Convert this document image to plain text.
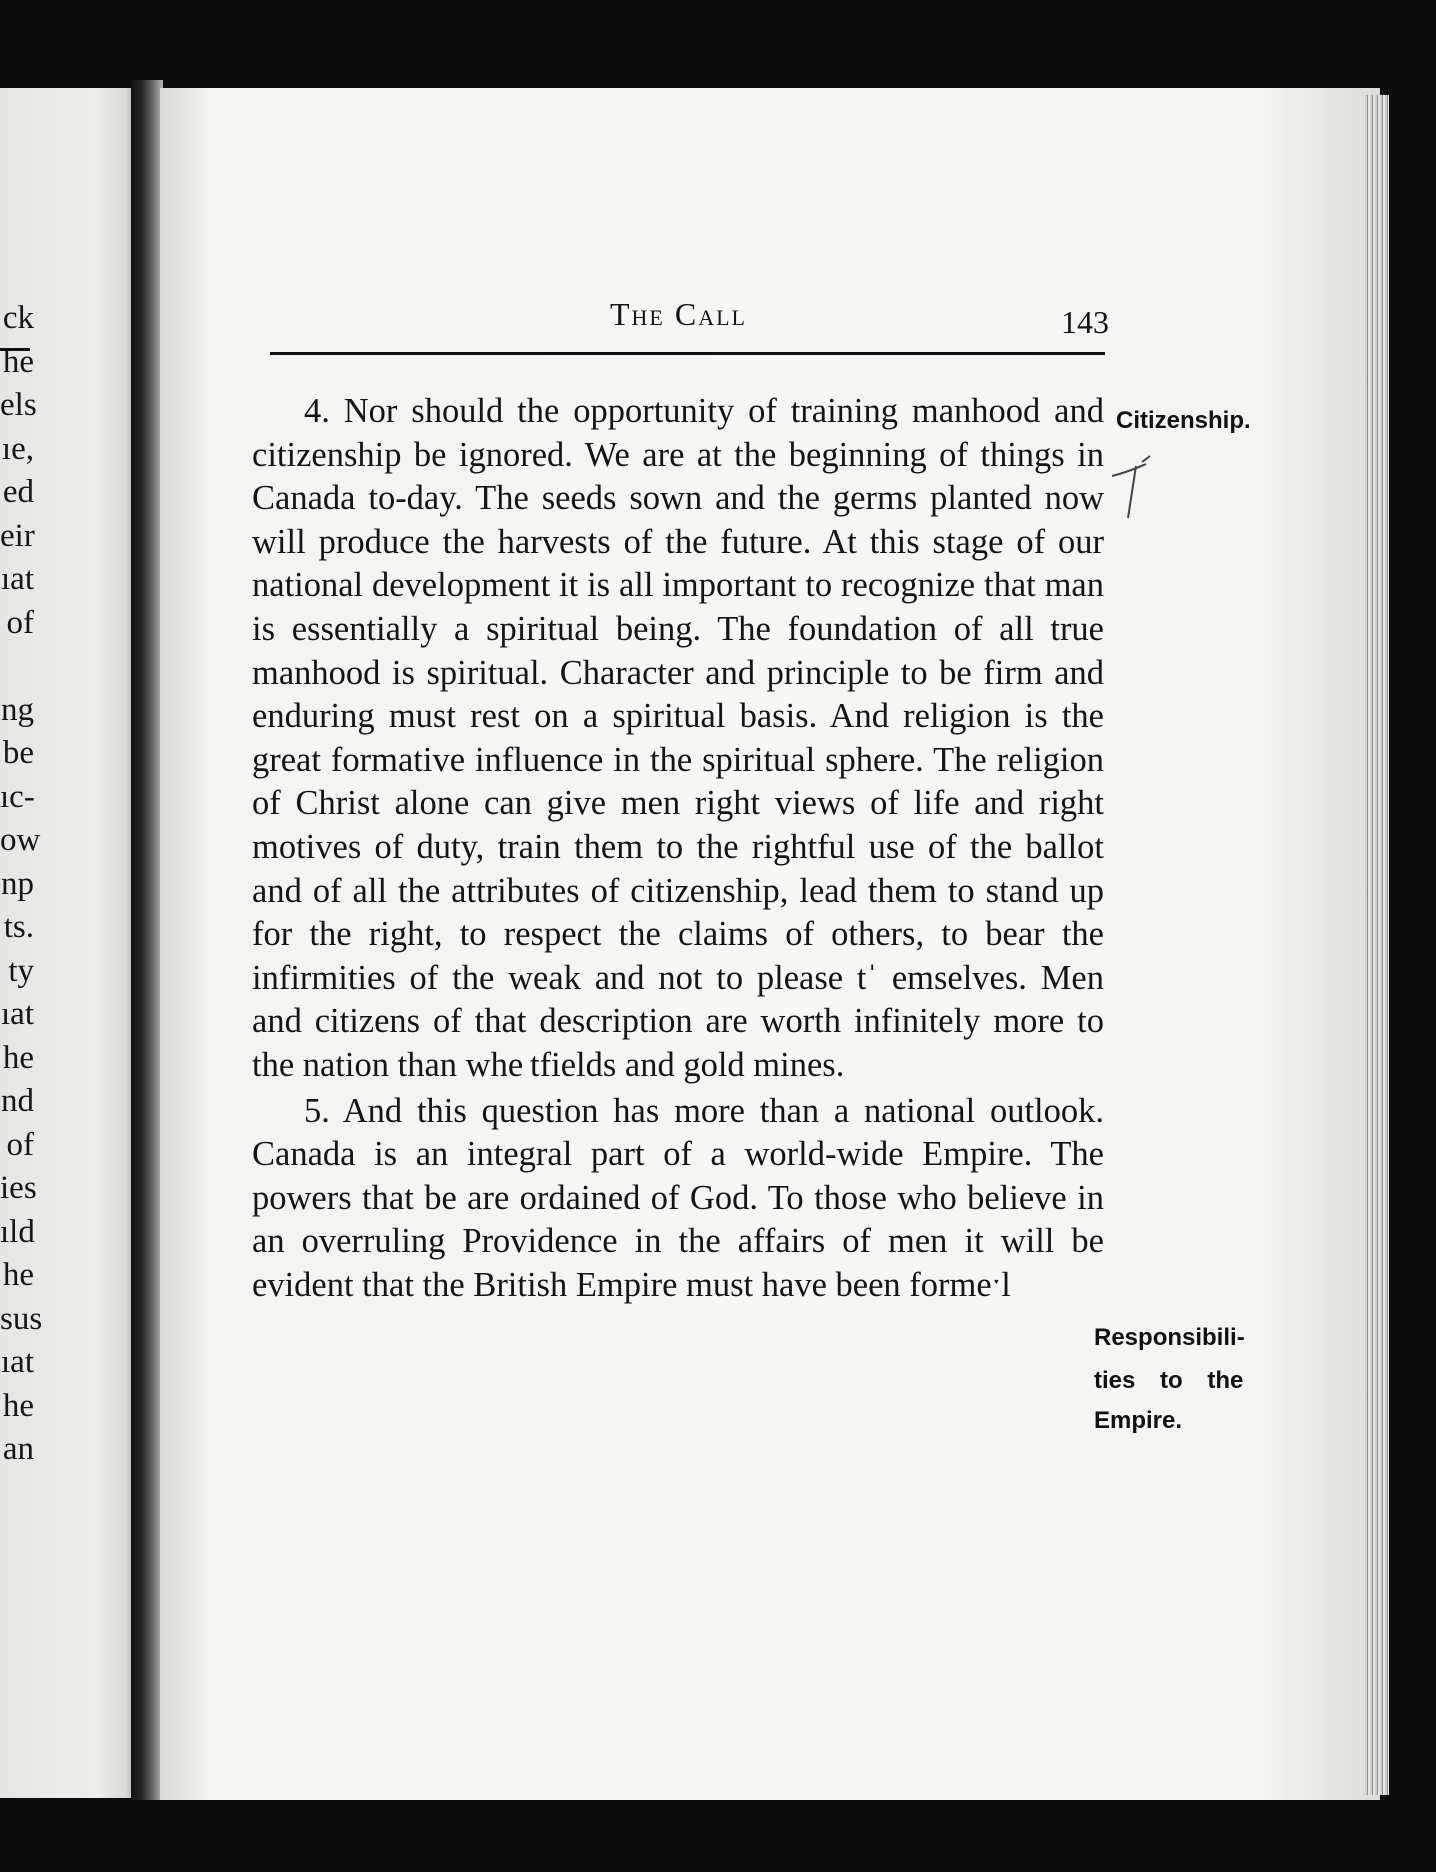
ck
he
els
ıe,
ed
eir
ıat
of
ng
be
ıc-
ow
np
ts.
ty
ıat
he
nd
of
ies
ıld
he
sus
ıat
he
an
The Call	143

4. Nor should the opportunity of training manhood and citizenship be ignored. We are at the beginning of things in Canada to-day. The seeds sown and the germs planted now will produce the harvests of the future. At this stage of our national development it is all important to recognize that man is essentially a spiritual being. The foundation of all true manhood is spiritual. Character and principle to be firm and enduring must rest on a spiritual basis. And religion is the great formative influence in the spiritual sphere. The religion of Christ alone can give men right views of life and right motives of duty, train them to the rightful use of the ballot and of all the attributes of citizenship, lead them to stand up for the right, to respect the claims of others, to bear the infirmities of the weak and not to please tˈ emselves. Men and citizens of that description are worth infinitely more to the nation than whe tfields and gold mines.

5. And this question has more than a national outlook. Canada is an integral part of a world-wide Empire. The powers that be are ordained of God. To those who believe in an overruling Providence in the affairs of men it will be evident that the British Empire must have been formeˑl

Citizenship.
Responsibili-
ties to the
Empire.
